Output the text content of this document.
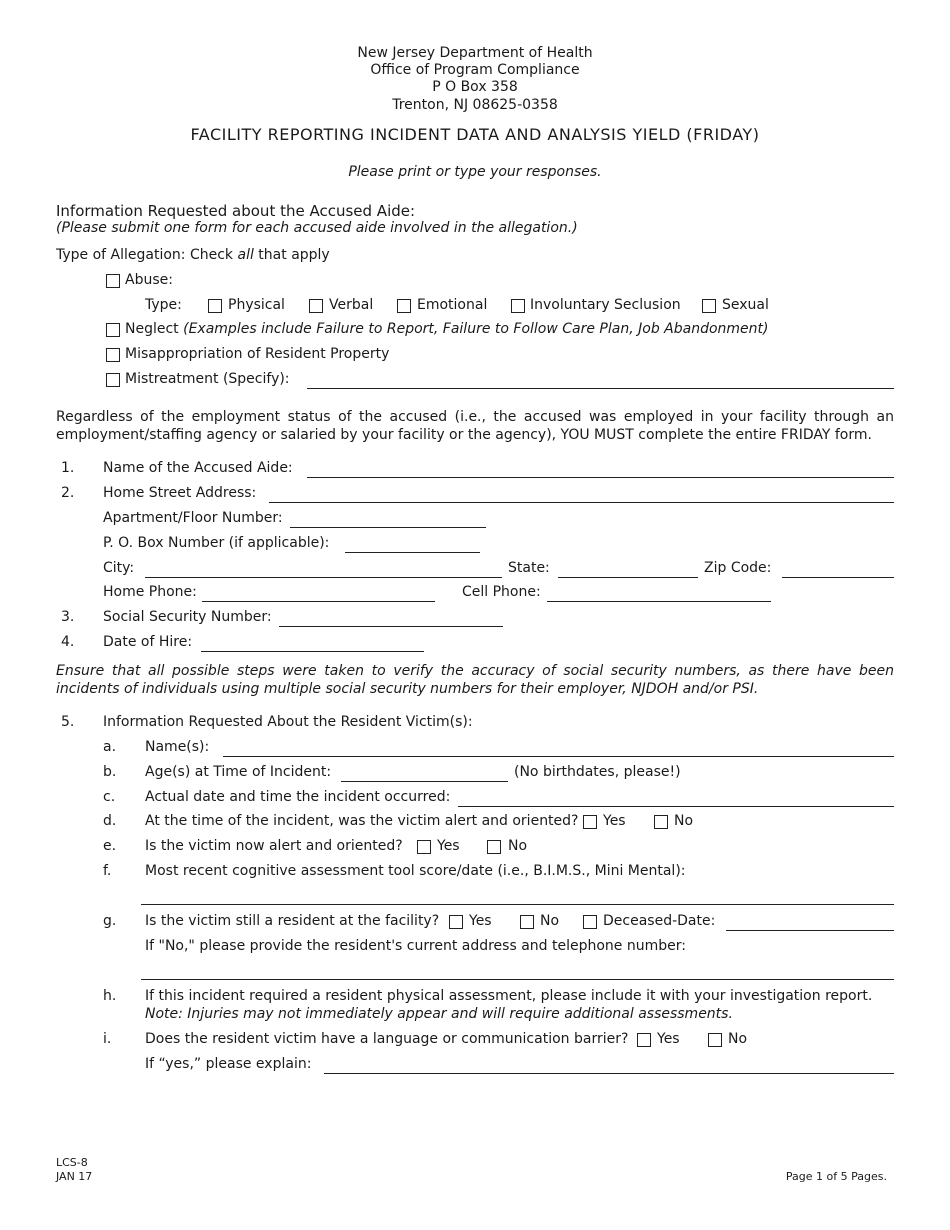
New Jersey Department of Health
Office of Program Compliance
P O Box 358
Trenton, NJ 08625-0358
FACILITY REPORTING INCIDENT DATA AND ANALYSIS YIELD (FRIDAY)
Please print or type your responses.
Information Requested about the Accused Aide:
(Please submit one form for each accused aide involved in the allegation.)
Type of Allegation: Check all that apply
Abuse:
Type:	Physical	Verbal	Emotional	Involuntary Seclusion	Sexual
Neglect (Examples include Failure to Report, Failure to Follow Care Plan, Job Abandonment)
Misappropriation of Resident Property
Mistreatment (Specify):
Regardless of the employment status of the accused (i.e., the accused was employed in your facility through an employment/staffing agency or salaried by your facility or the agency), YOU MUST complete the entire FRIDAY form.
1. Name of the Accused Aide:
2. Home Street Address:
Apartment/Floor Number:
P. O. Box Number (if applicable):
City:	State:	Zip Code:
Home Phone:	Cell Phone:
3. Social Security Number:
4. Date of Hire:
Ensure that all possible steps were taken to verify the accuracy of social security numbers, as there have been incidents of individuals using multiple social security numbers for their employer, NJDOH and/or PSI.
5. Information Requested About the Resident Victim(s):
a. Name(s):
b. Age(s) at Time of Incident:	(No birthdates, please!)
c. Actual date and time the incident occurred:
d. At the time of the incident, was the victim alert and oriented? Yes	No
e. Is the victim now alert and oriented? Yes	No
f. Most recent cognitive assessment tool score/date (i.e., B.I.M.S., Mini Mental):
g. Is the victim still a resident at the facility? Yes	No	Deceased-Date:
If "No," please provide the resident's current address and telephone number:
h. If this incident required a resident physical assessment, please include it with your investigation report.
Note: Injuries may not immediately appear and will require additional assessments.
i. Does the resident victim have a language or communication barrier? Yes	No
If “yes,” please explain:
LCS-8
JAN 17	Page 1 of 5 Pages.
